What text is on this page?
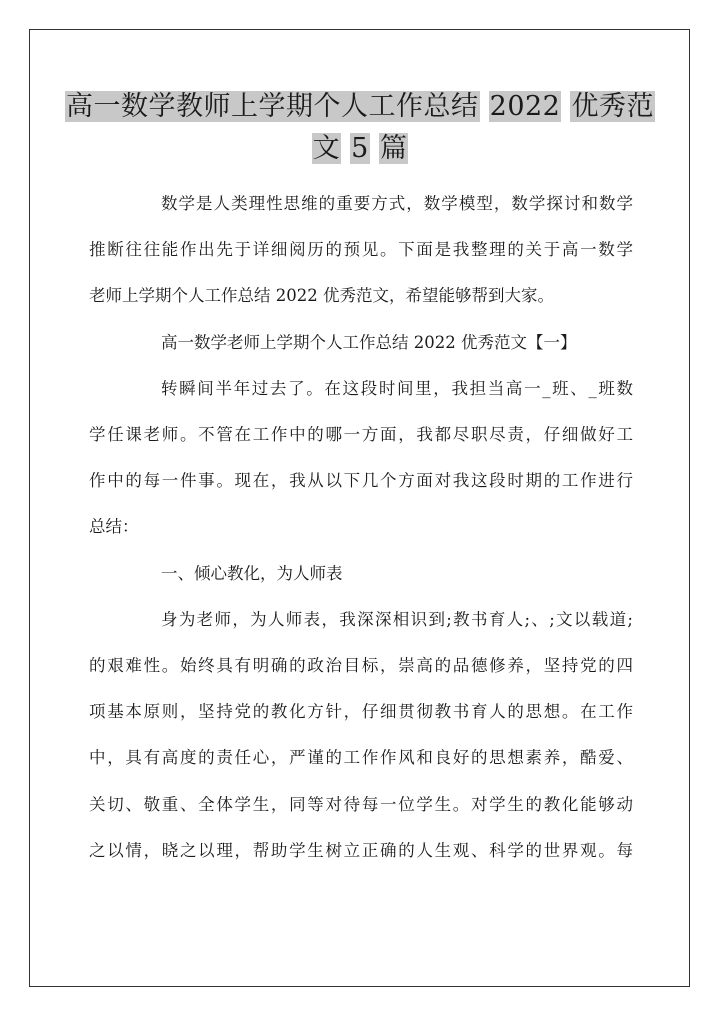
高一数学教师上学期个人工作总结 2022 优秀范
文 5 篇
数学是人类理性思维的重要方式，数学模型，数学探讨和数学
推断往往能作出先于详细阅历的预见。下面是我整理的关于高一数学
老师上学期个人工作总结 2022 优秀范文，希望能够帮到大家。
高一数学老师上学期个人工作总结 2022 优秀范文【一】
转瞬间半年过去了。在这段时间里，我担当高一_班、_班数
学任课老师。不管在工作中的哪一方面，我都尽职尽责，仔细做好工
作中的每一件事。现在，我从以下几个方面对我这段时期的工作进行
总结：
一、倾心教化，为人师表
身为老师，为人师表，我深深相识到;教书育人;、;文以载道;
的艰难性。始终具有明确的政治目标，崇高的品德修养，坚持党的四
项基本原则，坚持党的教化方针，仔细贯彻教书育人的思想。在工作
中，具有高度的责任心，严谨的工作作风和良好的思想素养，酷爱、
关切、敬重、全体学生，同等对待每一位学生。对学生的教化能够动
之以情，晓之以理，帮助学生树立正确的人生观、科学的世界观。每
